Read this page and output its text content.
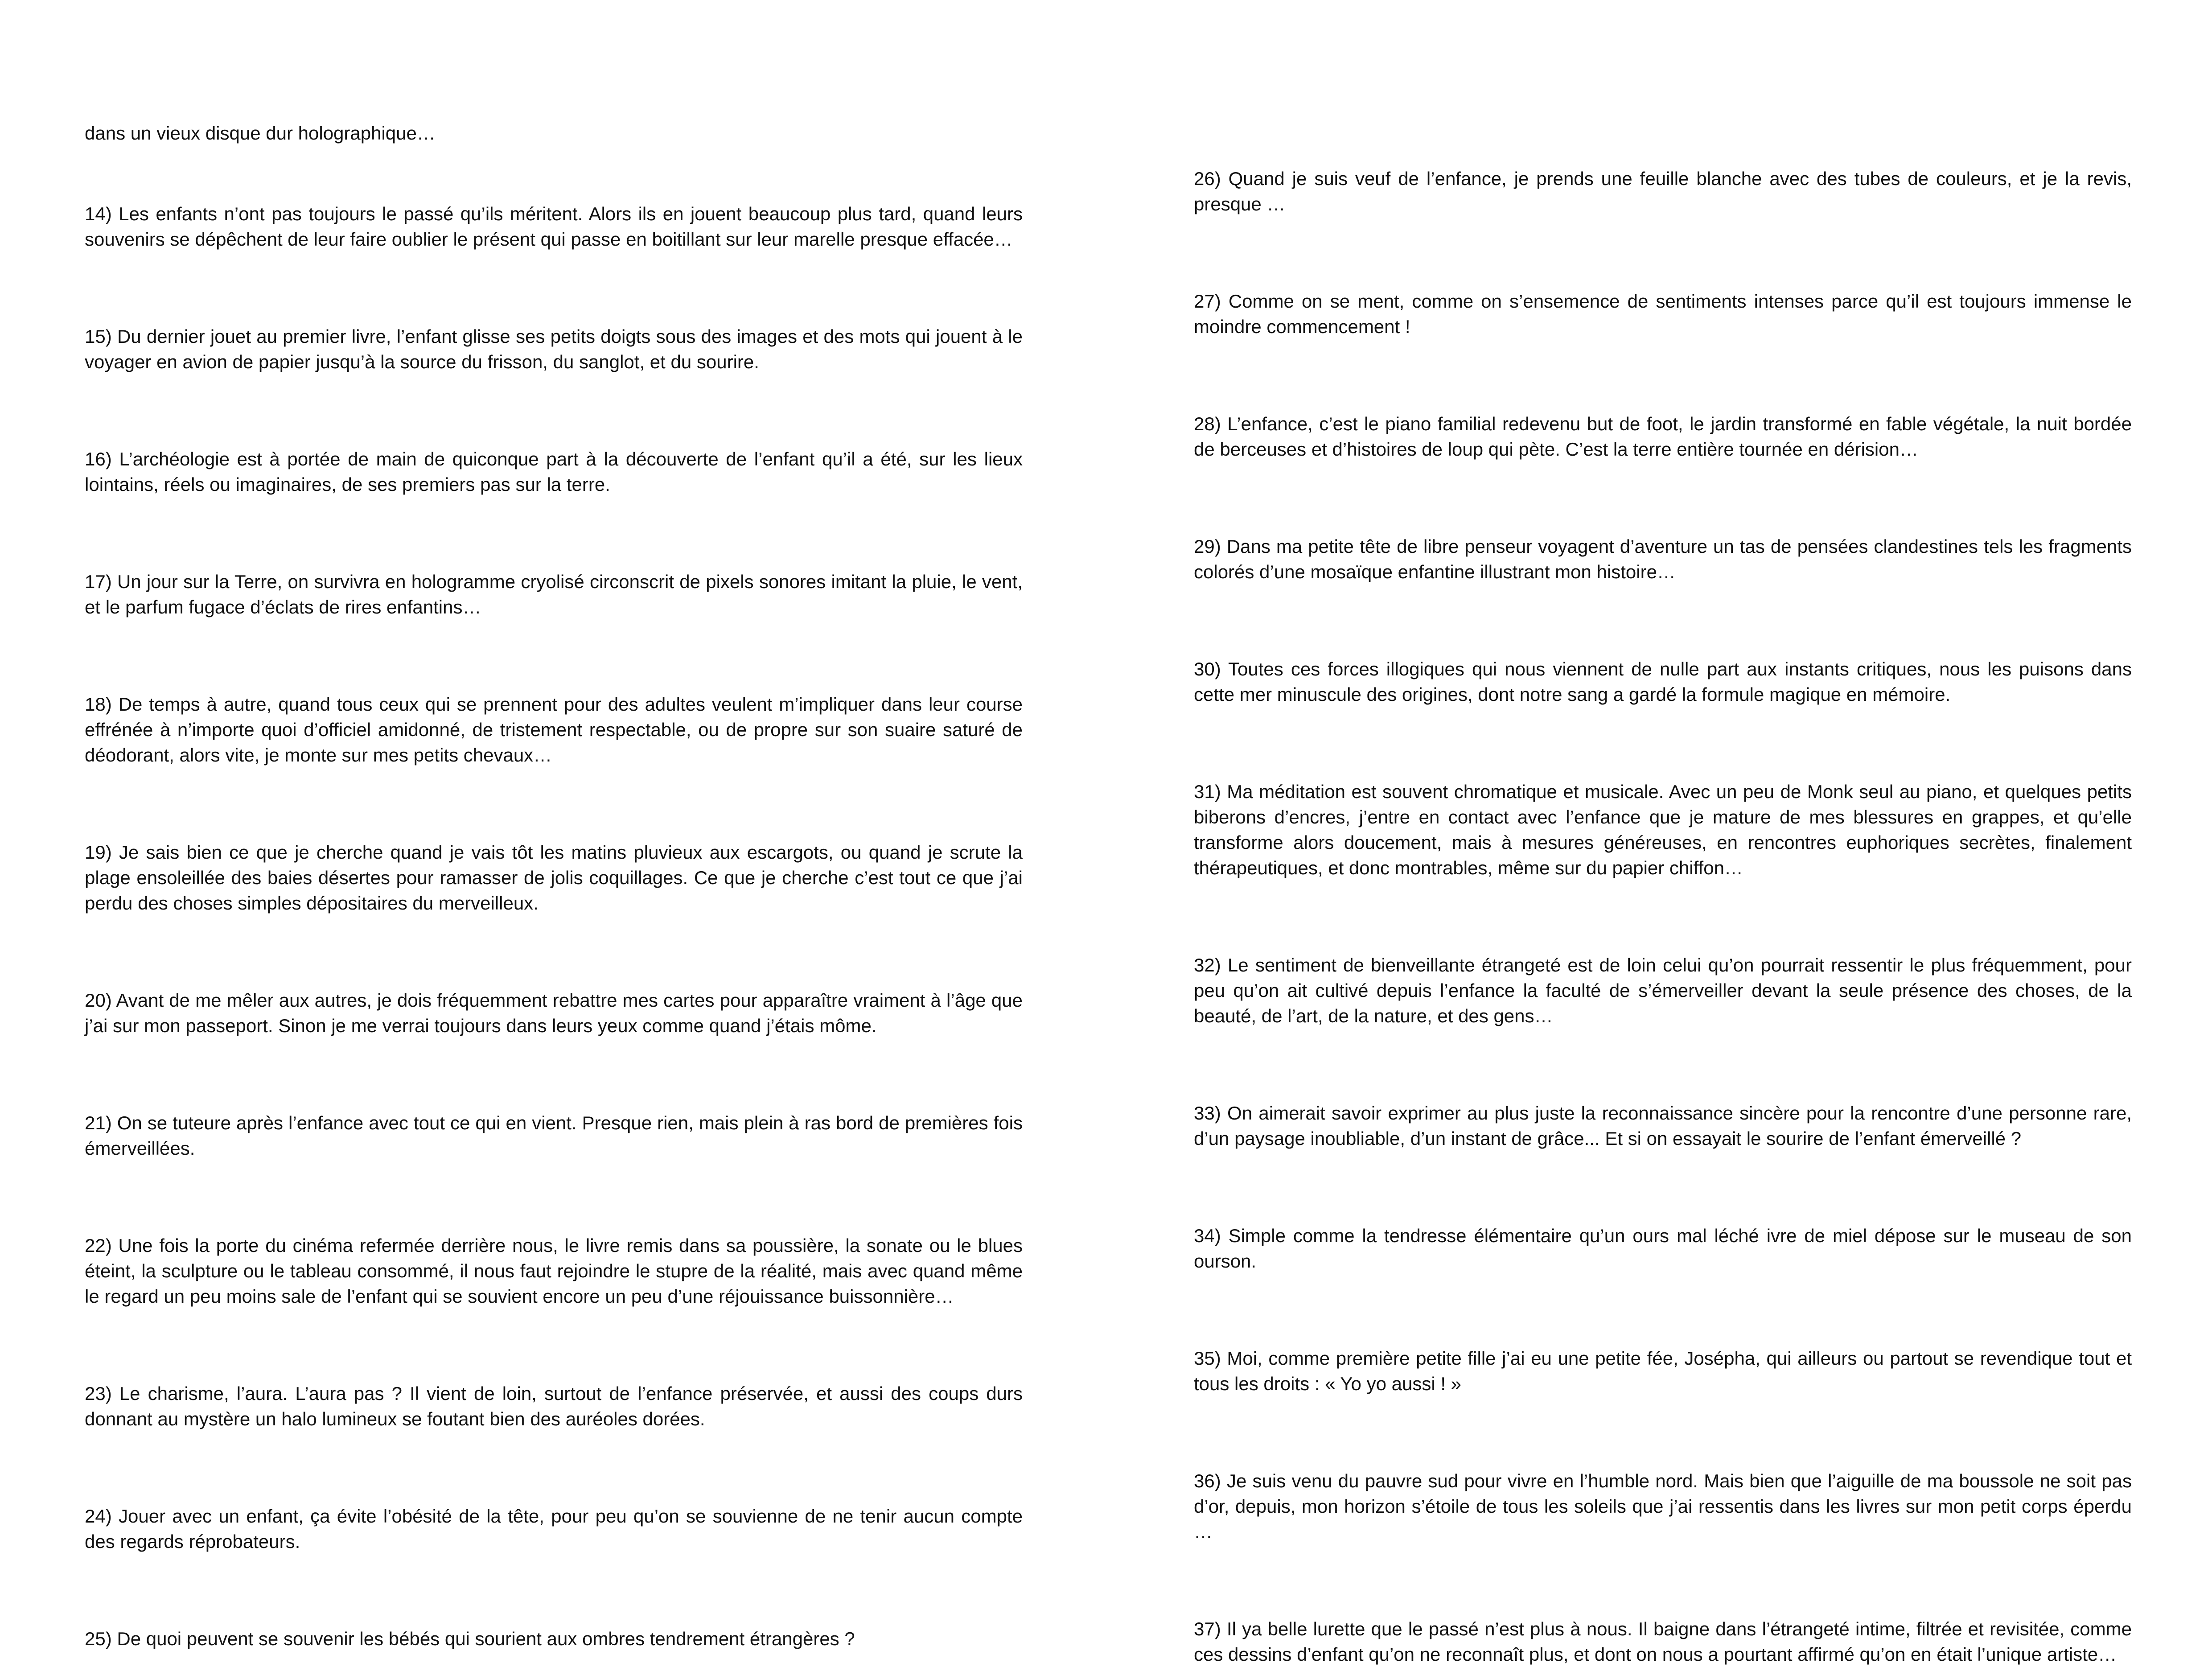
dans un vieux disque dur holographique…

14) Les enfants n’ont pas toujours le passé qu’ils méritent. Alors ils en jouent beaucoup plus tard, quand leurs souvenirs se dépêchent de leur faire oublier le présent qui passe en boitillant sur leur marelle presque effacée…

15) Du dernier jouet au premier livre, l’enfant glisse ses petits doigts sous des images et des mots qui jouent à le voyager en avion de papier jusqu’à la source du frisson, du sanglot, et du sourire.

16) L’archéologie est à portée de main de quiconque part à la découverte de l’enfant qu’il a été, sur les lieux lointains, réels ou imaginaires, de ses premiers pas sur la terre.

17) Un jour sur la Terre, on survivra en hologramme cryolisé circonscrit de pixels sonores imitant la pluie, le vent, et le parfum fugace d’éclats de rires enfantins…

18) De temps à autre, quand tous ceux qui se prennent pour des adultes veulent m’impliquer dans leur course effrénée à n’importe quoi d’officiel amidonné, de tristement respectable, ou de propre sur son suaire saturé de déodorant, alors vite, je monte sur mes petits chevaux…

19) Je sais bien ce que je cherche quand je vais tôt les matins pluvieux aux escargots, ou quand je scrute la plage ensoleillée des baies désertes pour ramasser de jolis coquillages. Ce que je cherche c’est tout ce que j’ai perdu des choses simples dépositaires du merveilleux.

20) Avant de me mêler aux autres, je dois fréquemment rebattre mes cartes pour apparaître vraiment à l’âge que j’ai sur mon passeport. Sinon je me verrai toujours dans leurs yeux comme quand j’étais môme.

21) On se tuteure après l’enfance avec tout ce qui en vient. Presque rien, mais plein à ras bord de premières fois émerveillées.

22) Une fois la porte du cinéma refermée derrière nous, le livre remis dans sa poussière, la sonate ou le blues éteint, la sculpture ou le tableau consommé, il nous faut rejoindre le stupre de la réalité, mais avec quand même le regard un peu moins sale de l’enfant qui se souvient encore un peu d’une réjouissance buissonnière…

23) Le charisme, l’aura. L’aura pas ? Il vient de loin, surtout de l’enfance préservée, et aussi des coups durs donnant au mystère un halo lumineux se foutant bien des auréoles dorées.

24) Jouer avec un enfant, ça évite l’obésité de la tête, pour peu qu’on se souvienne de ne tenir aucun compte des regards réprobateurs.

25) De quoi peuvent se souvenir les bébés qui sourient aux ombres tendrement étrangères ?

26) Quand je suis veuf de l’enfance, je prends une feuille blanche avec des tubes de couleurs, et je la revis, presque …

27) Comme on se ment, comme on s’ensemence de sentiments intenses parce qu’il est toujours immense le moindre commencement !

28) L’enfance, c’est le piano familial redevenu but de foot, le jardin transformé en fable végétale, la nuit bordée de berceuses et d’histoires de loup qui pète. C’est la terre entière tournée en dérision…

29) Dans ma petite tête de libre penseur voyagent d’aventure un tas de pensées clandestines tels les fragments colorés d’une mosaïque enfantine illustrant mon histoire…

30) Toutes ces forces illogiques qui nous viennent de nulle part aux instants critiques, nous les puisons dans cette mer minuscule des origines, dont notre sang a gardé la formule magique en mémoire.

31) Ma méditation est souvent chromatique et musicale. Avec un peu de Monk seul au piano, et quelques petits biberons d’encres, j’entre en contact avec l’enfance que je mature de mes blessures en grappes, et qu’elle transforme alors doucement, mais à mesures généreuses, en rencontres euphoriques secrètes, finalement thérapeutiques, et donc montrables, même sur du papier chiffon…

32) Le sentiment de bienveillante étrangeté est de loin celui qu’on pourrait ressentir le plus fréquemment, pour peu qu’on ait cultivé depuis l’enfance la faculté de s’émerveiller devant la seule présence des choses, de la beauté, de l’art, de la nature, et des gens…

33) On aimerait savoir exprimer au plus juste la reconnaissance sincère pour la rencontre d’une personne rare, d’un paysage inoubliable, d’un instant de grâce... Et si on essayait le sourire de l’enfant émerveillé ?

34) Simple comme la tendresse élémentaire qu’un ours mal léché ivre de miel dépose sur le museau de son ourson.

35) Moi, comme première petite fille j’ai eu une petite fée, Josépha, qui ailleurs ou partout se revendique tout et tous les droits : « Yo yo aussi ! »

36) Je suis venu du pauvre sud pour vivre en l’humble nord. Mais bien que l’aiguille de ma boussole ne soit pas d’or, depuis, mon horizon s’étoile de tous les soleils que j’ai ressentis dans les livres sur mon petit corps éperdu …

37) Il ya belle lurette que le passé n’est plus à nous. Il baigne dans l’étrangeté intime, filtrée et revisitée, comme ces dessins d’enfant qu’on ne reconnaît plus, et dont on nous a pourtant affirmé qu’on en était l’unique artiste…
